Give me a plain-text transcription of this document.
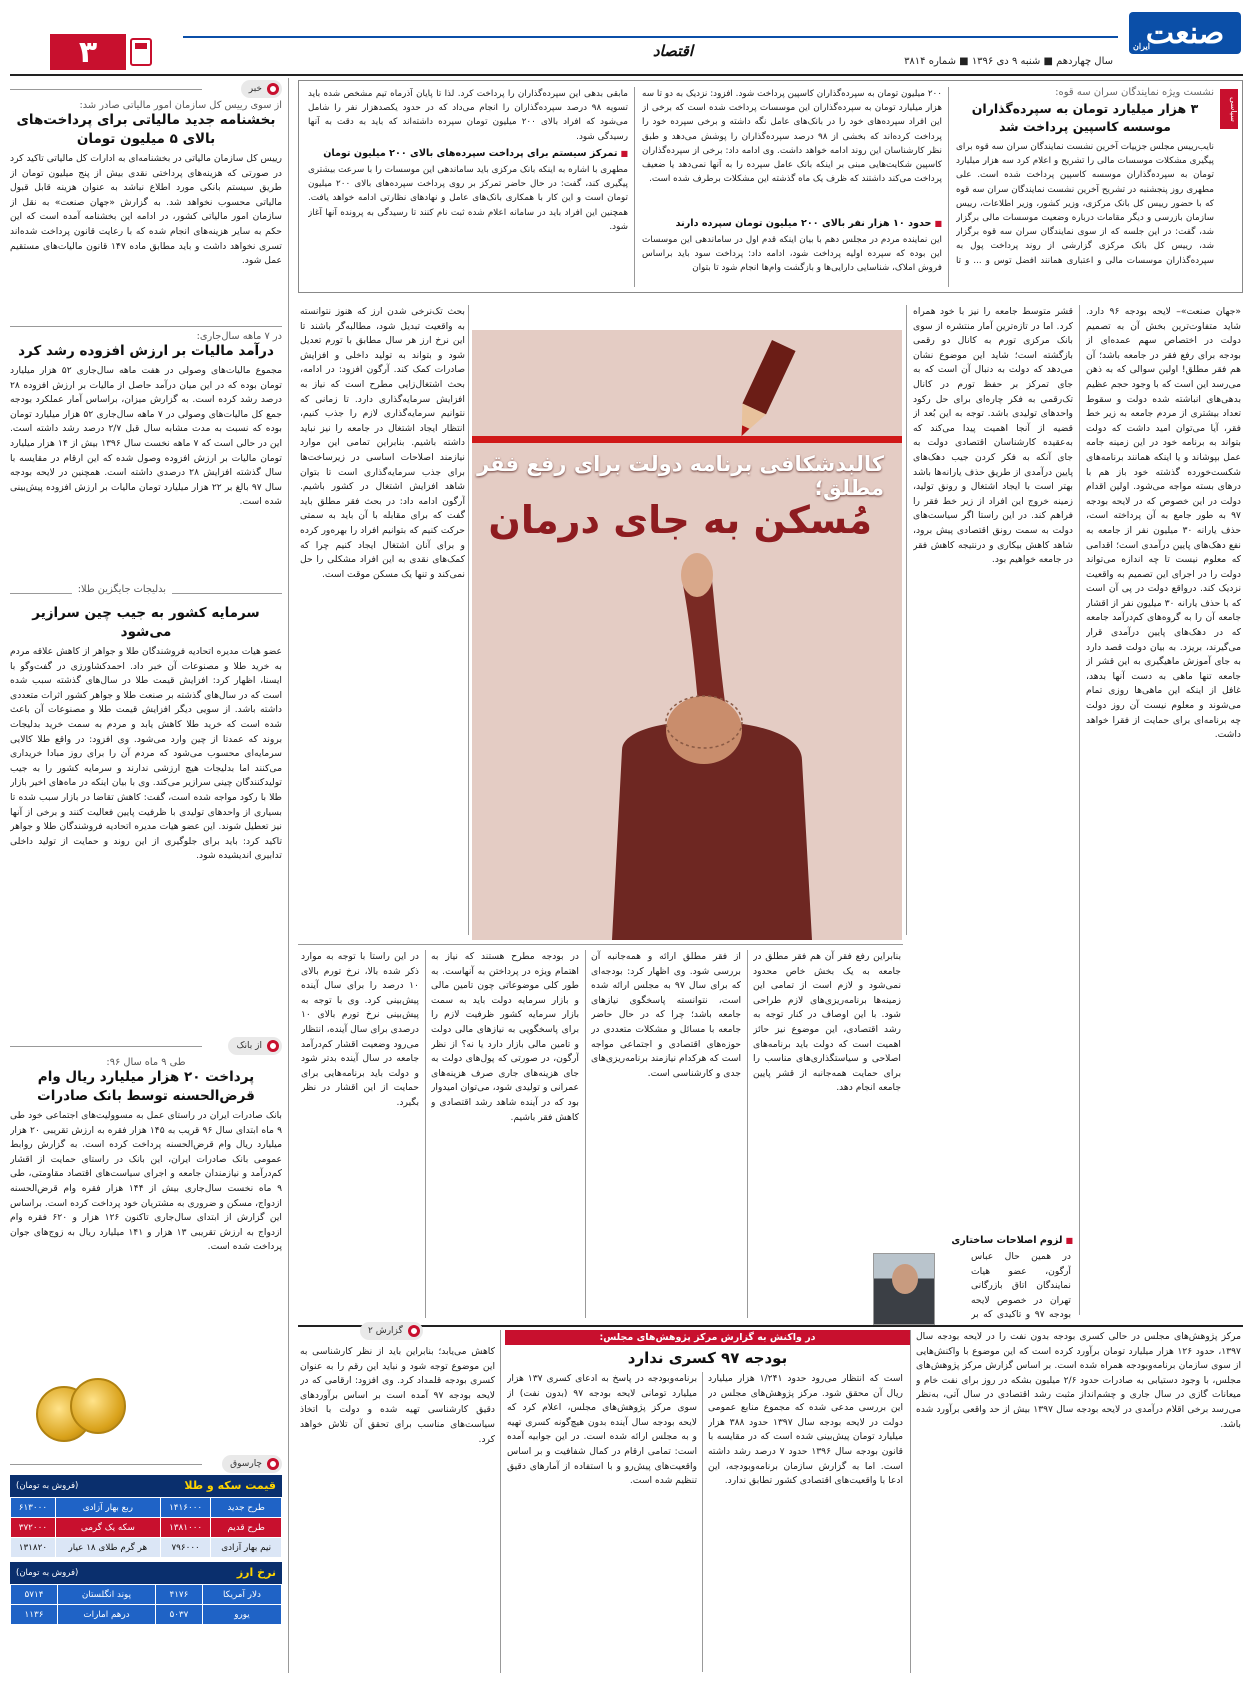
صنعت
ایران
اقتصاد
سال چهاردهم ■ شنبه ۹ دی ۱۳۹۶ ■ شماره ۳۸۱۴
۳
نشست ویژه نمایندگان سران سه قوه:
۳ هزار میلیارد تومان به سپرده‌گذاران موسسه کاسپین پرداخت شد
نایب‌رییس مجلس جزییات آخرین نشست نمایندگان سران سه قوه برای پیگیری مشکلات موسسات مالی را تشریح و اعلام کرد سه هزار میلیارد تومان به سپرده‌گذاران موسسه کاسپین پرداخت شده است. علی مطهری روز پنجشنبه در تشریح آخرین نشست نمایندگان سران سه قوه که ‌با حضور رییس کل بانک مرکزی، وزیر کشور، وزیر اطلاعات، رییس سازمان بازرسی و دیگر مقامات درباره وضعیت موسسات مالی برگزار شد، گفت: در این جلسه که از سوی نمایندگان سران سه قوه برگزار شد، رییس کل بانک مرکزی گزارشی از روند پرداخت پول به سپرده‌گذاران موسسات مالی و اعتباری همانند افضل توس و ... و تا
سیاسی
۲۰۰ میلیون تومان به سپرده‌گذاران کاسپین پرداخت شود. افزود: نزدیک به دو تا سه هزار میلیارد تومان به سپرده‌گذاران این موسسات پرداخت شده است که برخی از این افراد سپرده‌های خود را در بانک‌های عامل نگه داشته و برخی سپرده خود را پرداخت کرده‌اند که بخشی از ۹۸ درصد سپرده‌گذاران را پوشش می‌دهد و طبق نظر کارشناسان این روند ادامه خواهد داشت. وی ادامه داد: برخی از سپرده‌گذاران کاسپین شکایت‌هایی مبنی بر اینکه بانک عامل سپرده را به آنها نمی‌دهد یا ضعیف پرداخت می‌کند داشتند که ظرف یک ماه گذشته این مشکلات برطرف شده است.
■ حدود ۱۰ هزار نفر بالای ۲۰۰ میلیون تومان سپرده دارند
این نماینده مردم در مجلس دهم با بیان اینکه قدم اول در ساماندهی این موسسات این بوده که سپرده اولیه پرداخت شود، ادامه داد: پرداخت سود باید براساس فروش املاک، شناسایی دارایی‌ها و بازگشت وام‌ها انجام شود تا بتوان
مابقی بدهی این سپرده‌گذاران را پرداخت کرد. لذا تا پایان آذرماه تیم مشخص شده باید تسویه ۹۸ درصد سپرده‌گذاران را انجام می‌داد که در حدود یکصدهزار نفر را شامل می‌شود که افراد بالای ۲۰۰ میلیون تومان سپرده داشته‌اند که باید به دقت به آنها رسیدگی شود.
■ تمرکز سیستم برای پرداخت سپرده‌های بالای ۲۰۰ میلیون تومان
مطهری با اشاره به اینکه بانک مرکزی باید ساماندهی این موسسات را با سرعت بیشتری پیگیری کند، گفت: در حال حاضر تمرکز بر روی پرداخت سپرده‌های بالای ۲۰۰ میلیون تومان است و این کار با همکاری بانک‌های عامل و نهادهای نظارتی ادامه خواهد یافت. همچنین این افراد باید در سامانه اعلام شده ثبت نام کنند تا رسیدگی به پرونده آنها آغاز شود.
خبر
از سوی رییس کل سازمان امور مالیاتی صادر شد:
بخشنامه جدید مالیاتی برای پرداخت‌های بالای ۵ میلیون تومان
رییس کل سازمان مالیاتی در بخشنامه‌ای به ادارات کل مالیاتی تاکید کرد در صورتی که هزینه‌های پرداختی نقدی بیش از پنج میلیون تومان از طریق سیستم بانکی مورد اطلاع نباشد به عنوان هزینه قابل قبول مالیاتی محسوب نخواهد شد. به گزارش «جهان صنعت» به نقل از سازمان امور مالیاتی کشور، در ادامه این بخشنامه آمده است که این حکم به سایر هزینه‌های انجام شده که با رعایت قانون پرداخت شده‌اند تسری نخواهد داشت و باید مطابق ماده ۱۴۷ قانون مالیات‌های مستقیم عمل شود.
در ۷ ماهه سال‌جاری:
درآمد مالیات بر ارزش افزوده رشد کرد
مجموع مالیات‌های وصولی در هفت ماهه سال‌جاری ۵۲ هزار میلیارد تومان بوده که در این میان درآمد حاصل از مالیات بر ارزش افزوده ۲۸ درصد رشد کرده است. به گزارش میزان، براساس آمار عملکرد بودجه جمع کل مالیات‌های وصولی در ۷ ماهه سال‌جاری ۵۲ هزار میلیارد تومان بوده که نسبت به مدت مشابه سال قبل ۲/۷ درصد رشد داشته است. این در حالی است که ۷ ماهه نخست سال ۱۳۹۶ بیش از ۱۴ هزار میلیارد تومان مالیات بر ارزش افزوده وصول شده که این ارقام در مقایسه با سال گذشته افزایش ۲۸ درصدی داشته است. همچنین در لایحه بودجه سال ۹۷ بالغ بر ۲۲ هزار میلیارد تومان مالیات بر ارزش افزوده پیش‌بینی شده است.
بدلیجات جایگزین طلا:
سرمایه کشور به جیب چین سرازیر می‌شود
عضو هیات مدیره اتحادیه فروشندگان طلا و جواهر از کاهش علاقه مردم به خرید طلا و مصنوعات آن خبر داد. احمدکشاورزی در گفت‌وگو با ایسنا، اظهار کرد: افزایش قیمت طلا در سال‌های گذشته سبب شده است که در سال‌های گذشته بر صنعت طلا و جواهر کشور اثرات متعددی داشته باشد. از سویی دیگر افزایش قیمت طلا و مصنوعات آن باعث شده است که خرید طلا کاهش یابد و مردم به سمت خرید بدلیجات بروند که عمدتا از چین وارد می‌شود. وی افزود: در واقع طلا کالایی سرمایه‌ای محسوب می‌شود که مردم آن را برای روز مبادا خریداری می‌کنند اما بدلیجات هیچ ارزشی ندارند و سرمایه کشور را به جیب تولیدکنندگان چینی سرازیر می‌کند. وی با بیان اینکه در ماه‌های اخیر بازار طلا با رکود مواجه شده است، گفت: کاهش تقاضا در بازار سبب شده تا بسیاری از واحدهای تولیدی با ظرفیت پایین فعالیت کنند و برخی از آنها نیز تعطیل شوند. این عضو هیات مدیره اتحادیه فروشندگان طلا و جواهر تاکید کرد: باید برای جلوگیری از این روند و حمایت از تولید داخلی تدابیری اندیشیده شود.
از بانک
طی ۹ ماه سال ۹۶:
پرداخت ۲۰ هزار میلیارد ریال وام قرض‌الحسنه توسط بانک صادرات
بانک صادرات ایران در راستای عمل به مسوولیت‌های اجتماعی خود طی ۹ ماه ابتدای سال ۹۶ قریب به ۱۴۵ هزار فقره به ارزش تقریبی ۲۰ هزار میلیارد ریال وام قرض‌الحسنه پرداخت کرده است. به گزارش روابط عمومی بانک صادرات ایران، این بانک در راستای حمایت از اقشار کم‌درآمد و نیازمندان جامعه و اجرای سیاست‌های اقتصاد مقاومتی، طی ۹ ماه نخست سال‌جاری بیش از ۱۴۴ هزار فقره وام قرض‌الحسنه ازدواج، مسکن و ضروری به مشتریان خود پرداخت کرده است. براساس این گزارش از ابتدای سال‌جاری تاکنون ۱۲۶ هزار و ۶۲۰ فقره وام ازدواج به ارزش تقریبی ۱۳ هزار و ۱۴۱ میلیارد ریال به زوج‌های جوان پرداخت شده است.
چارسوق
قیمت سکه و طلا
(فروش به تومان)
طرح جدید	۱۴۱۶۰۰۰	ربع بهار آزادی	۶۱۳۰۰۰
طرح قدیم	۱۳۸۱۰۰۰	سکه یک گرمی	۳۷۲۰۰۰
نیم بهار آزادی	۷۹۶۰۰۰	هر گرم طلای ۱۸ عیار	۱۳۱۸۲۰
نرخ ارز
(فروش به تومان)
دلار آمریکا	۴۱۷۶	پوند انگلستان	۵۷۱۴
یورو	۵۰۳۷	درهم امارات	۱۱۳۶
«جهان صنعت»– لایحه بودجه ۹۶ دارد. شاید متفاوت‌ترین بخش آن به تصمیم دولت در اختصاص سهم عمده‌ای از بودجه برای رفع فقر در جامعه باشد؛ آن هم فقر مطلق! اولین سوالی که به ذهن می‌رسد این است که با وجود حجم عظیم بدهی‌های انباشته شده دولت و سقوط تعداد بیشتری از مردم جامعه به زیر خط فقر، آیا می‌توان امید داشت که دولت بتواند به برنامه خود در این زمینه جامه عمل بپوشاند و یا اینکه همانند برنامه‌های شکست‌خورده گذشته خود باز هم با درهای بسته مواجه می‌شود. اولین اقدام دولت در این خصوص که در لایحه بودجه ۹۷ به طور جامع به آن پرداخته است، حذف یارانه ۳۰ میلیون نفر از جامعه به نفع دهک‌های پایین درآمدی است؛ اقدامی که معلوم نیست تا چه اندازه می‌تواند دولت را در اجرای این تصمیم به واقعیت نزدیک کند. درواقع دولت در پی آن است که با حذف یارانه ۳۰ میلیون نفر از اقشار جامعه آن را به گروه‌های کم‌درآمد جامعه که در دهک‌های پایین درآمدی قرار می‌گیرند، بریزد. به بیان دولت قصد دارد به جای آموزش ماهیگیری به این قشر از جامعه تنها ماهی به دست آنها بدهد، غافل از اینکه این ماهی‌ها روزی تمام می‌شوند و معلوم نیست آن روز دولت چه برنامه‌ای برای حمایت از فقرا خواهد داشت.
قشر متوسط جامعه را نیز با خود همراه کرد. اما در تازه‌ترین آمار منتشره از سوی بانک مرکزی تورم به کانال دو رقمی بازگشته است؛ شاید این موضوع نشان می‌دهد که دولت به دنبال آن است که به جای تمرکز بر حفظ تورم در کانال تک‌رقمی به فکر چاره‌ای برای حل رکود واحدهای تولیدی باشد. توجه به این بُعد از قضیه از آنجا اهمیت پیدا می‌کند که به‌عقیده کارشناسان اقتصادی دولت به جای آنکه به فکر کردن جیب دهک‌های پایین درآمدی از طریق حذف یارانه‌ها باشد بهتر است با ایجاد اشتغال و رونق تولید، زمینه خروج این افراد از زیر خط فقر را فراهم کند. در این راستا اگر سیاست‌های دولت به سمت رونق اقتصادی پیش برود، شاهد کاهش بیکاری و درنتیجه کاهش فقر در جامعه خواهیم بود.
کالبدشکافی برنامه دولت برای رفع فقر مطلق؛
مُسکن به جای درمان
بحث تک‌نرخی شدن ارز که هنوز نتوانسته به واقعیت تبدیل شود، مطالبه‌گر باشند تا این نرخ ارز هر سال مطابق با تورم تعدیل شود و بتواند به تولید داخلی و افزایش صادرات کمک کند. آرگون افزود: در ادامه، بحث اشتغال‌زایی مطرح است که نیاز به افزایش سرمایه‌گذاری دارد. تا زمانی که نتوانیم سرمایه‌گذاری لازم را جذب کنیم، انتظار ایجاد اشتغال در جامعه را نیز نباید داشته باشیم. بنابراین تمامی این موارد نیازمند اصلاحات اساسی در زیرساخت‌ها برای جذب سرمایه‌گذاری است تا بتوان شاهد افزایش اشتغال در کشور باشیم. آرگون ادامه داد: در بحث فقر مطلق باید گفت که برای مقابله با آن باید به سمتی حرکت کنیم که بتوانیم افراد را بهره‌ور کرده و برای آنان اشتغال ایجاد کنیم چرا که کمک‌های نقدی به این افراد مشکلی را حل نمی‌کند و تنها یک مسکن موقت است.
بنابراین رفع فقر آن هم فقر مطلق در جامعه به یک بخش خاص محدود نمی‌شود و لازم است از تمامی این زمینه‌ها برنامه‌ریزی‌های لازم طراحی شود. با این اوصاف در کنار توجه به رشد اقتصادی، این موضوع نیز حائز اهمیت است که دولت باید برنامه‌های اصلاحی و سیاستگذاری‌های مناسب را برای حمایت همه‌جانبه از قشر پایین جامعه انجام دهد.
از فقر مطلق ارائه و همه‌جانبه آن بررسی شود. وی اظهار کرد: بودجه‌ای که برای سال ۹۷ به مجلس ارائه شده است، نتوانسته پاسخگوی نیازهای جامعه باشد؛ چرا که در حال حاضر جامعه با مسائل و مشکلات متعددی در حوزه‌های اقتصادی و اجتماعی مواجه است که هرکدام نیازمند برنامه‌ریزی‌های جدی و کارشناسی است.
در بودجه مطرح هستند که نیاز به اهتمام ویژه در پرداختن به آنهاست. به طور کلی موضوعاتی چون تامین مالی و بازار سرمایه دولت باید به سمت بازار سرمایه کشور ظرفیت لازم را برای پاسخگویی به نیازهای مالی دولت و تامین مالی بازار دارد یا نه؟ از نظر آرگون، در صورتی که پول‌های دولت به جای هزینه‌های جاری صرف هزینه‌های عمرانی و تولیدی شود، می‌توان امیدوار بود که در آینده شاهد رشد اقتصادی و کاهش فقر باشیم.
در این راستا با توجه به موارد ذکر شده بالا، نرخ تورم بالای ۱۰ درصد را برای سال آینده پیش‌بینی کرد. وی با توجه به پیش‌بینی نرخ تورم بالای ۱۰ درصدی برای سال آینده، انتظار می‌رود وضعیت اقشار کم‌درآمد جامعه در سال آینده بدتر شود و دولت باید برنامه‌هایی برای حمایت از این اقشار در نظر بگیرد.
■ لزوم اصلاحات ساختاری
در همین حال عباس آرگون، عضو هیات نمایندگان اتاق بازرگانی تهران در خصوص لایحه بودجه ۹۷ و تاکیدی که بر
گزارش ۲
در واکنش به گزارش مرکز پژوهش‌های مجلس:
بودجه ۹۷ کسری ندارد
مرکز پژوهش‌های مجلس در حالی کسری بودجه بدون نفت را در لایحه بودجه سال ۱۳۹۷، حدود ۱۲۶ هزار میلیارد تومان برآورد کرده است که این موضوع با واکنش‌هایی از سوی سازمان برنامه‌وبودجه همراه شده است. بر اساس گزارش مرکز پژوهش‌های مجلس، با وجود دستیابی به صادرات حدود ۲/۶ میلیون بشکه در روز برای نفت خام و میعانات گازی در سال جاری و چشم‌انداز مثبت رشد اقتصادی در سال آتی، به‌نظر می‌رسد برخی اقلام درآمدی در لایحه بودجه سال ۱۳۹۷ بیش از حد واقعی برآورد شده باشد.
است که انتظار می‌رود حدود ۱/۲۴۱ هزار میلیارد ریال آن محقق شود. مرکز پژوهش‌های مجلس در این بررسی مدعی شده که مجموع منابع عمومی دولت در لایحه بودجه سال ۱۳۹۷ حدود ۳۸۸ هزار میلیارد تومان پیش‌بینی شده است که در مقایسه با قانون بودجه سال ۱۳۹۶ حدود ۷ درصد رشد داشته است. اما به گزارش سازمان برنامه‌وبودجه، این ادعا با واقعیت‌های اقتصادی کشور تطابق ندارد.
برنامه‌وبودجه در پاسخ به ادعای کسری ۱۳۷ هزار میلیارد تومانی لایحه بودجه ۹۷ (بدون نفت) از سوی مرکز پژوهش‌های مجلس، اعلام کرد که لایحه بودجه سال آینده بدون هیچ‌گونه کسری تهیه و به مجلس ارائه شده است. در این جوابیه آمده است: تمامی ارقام در کمال شفافیت و بر اساس واقعیت‌های پیش‌رو و با استفاده از آمارهای دقیق تنظیم شده است.
کاهش می‌یابد؛ بنابراین باید از نظر کارشناسی به این موضوع توجه شود و نباید این رقم را به عنوان کسری بودجه قلمداد کرد. وی افزود: ارقامی که در لایحه بودجه ۹۷ آمده است بر اساس برآوردهای دقیق کارشناسی تهیه شده و دولت با اتخاذ سیاست‌های مناسب برای تحقق آن تلاش خواهد کرد.
